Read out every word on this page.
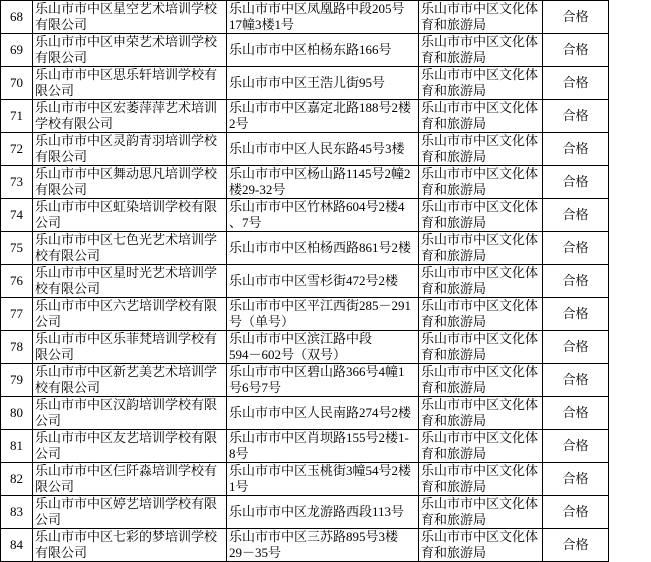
68
乐山市市中区星空艺术培训学校
有限公司
乐山市市中区凤凰路中段205号
17幢3楼1号
乐山市市中区文化体
育和旅游局
合格
69
乐山市市中区申荣艺术培训学校
有限公司
乐山市市中区柏杨东路166号
乐山市市中区文化体
育和旅游局
合格
70
乐山市市中区思乐轩培训学校有
限公司
乐山市市中区王浩儿街95号
乐山市市中区文化体
育和旅游局
合格
71
乐山市市中区宏萎萍萍艺术培训
学校有限公司
乐山市市中区嘉定北路188号2楼
2号
乐山市市中区文化体
育和旅游局
合格
72
乐山市市中区灵韵青羽培训学校
有限公司
乐山市市中区人民东路45号3楼
乐山市市中区文化体
育和旅游局
合格
73
乐山市市中区舞动思凡培训学校
有限公司
乐山市市中区杨山路1145号2幢2
楼29-32号
乐山市市中区文化体
育和旅游局
合格
74
乐山市市中区虹染培训学校有限
公司
乐山市市中区竹林路604号2楼4
、7号
乐山市市中区文化体
育和旅游局
合格
75
乐山市市中区七色光艺术培训学
校有限公司
乐山市市中区柏杨西路861号2楼
乐山市市中区文化体
育和旅游局
合格
76
乐山市市中区星时光艺术培训学
校有限公司
乐山市市中区雪杉街472号2楼
乐山市市中区文化体
育和旅游局
合格
77
乐山市市中区六艺培训学校有限
公司
乐山市市中区平江西街285－291
号（单号）
乐山市市中区文化体
育和旅游局
合格
78
乐山市市中区乐菲梵培训学校有
限公司
乐山市市中区滨江路中段
594－602号（双号）
乐山市市中区文化体
育和旅游局
合格
79
乐山市市中区新艺美艺术培训学
校有限公司
乐山市市中区碧山路366号4幢1
号6号7号
乐山市市中区文化体
育和旅游局
合格
80
乐山市市中区汉韵培训学校有限
公司
乐山市市中区人民南路274号2楼
乐山市市中区文化体
育和旅游局
合格
81
乐山市市中区友艺培训学校有限
公司
乐山市市中区肖坝路155号2楼1-
8号
乐山市市中区文化体
育和旅游局
合格
82
乐山市市中区仨阡淼培训学校有
限公司
乐山市市中区玉桃街3幢54号2楼
1号
乐山市市中区文化体
育和旅游局
合格
83
乐山市市中区婷艺培训学校有限
公司
乐山市市中区龙游路西段113号
乐山市市中区文化体
育和旅游局
合格
84
乐山市市中区七彩的梦培训学校
有限公司
乐山市市中区三苏路895号3楼
29－35号
乐山市市中区文化体
育和旅游局
合格
